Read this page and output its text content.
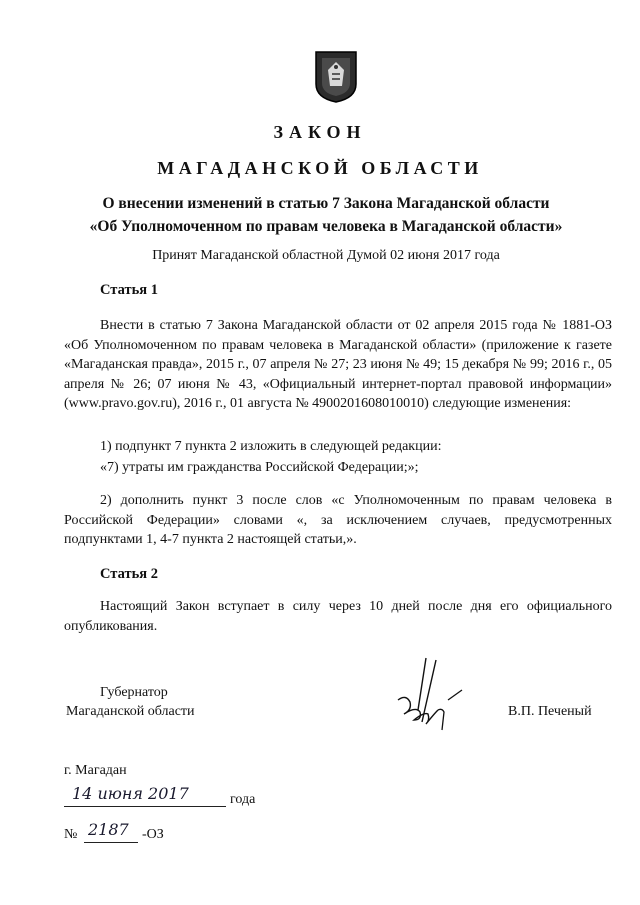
ЗАКОН
МАГАДАНСКОЙ ОБЛАСТИ
О внесении изменений в статью 7 Закона Магаданской области
«Об Уполномоченном по правам человека в Магаданской области»
Принят Магаданской областной Думой 02 июня 2017 года
Статья 1
Внести в статью 7 Закона Магаданской области от 02 апреля 2015 года № 1881-ОЗ «Об Уполномоченном по правам человека в Магаданской области» (приложение к газете «Магаданская правда», 2015 г., 07 апреля № 27; 23 июня № 49; 15 декабря № 99; 2016 г., 05 апреля № 26; 07 июня № 43, «Официальный интернет-портал правовой информации» (www.pravo.gov.ru), 2016 г., 01 августа № 4900201608010010) следующие изменения:
1) подпункт 7 пункта 2 изложить в следующей редакции:
«7) утраты им гражданства Российской Федерации;»;
2) дополнить пункт 3 после слов «с Уполномоченным по правам человека в Российской Федерации» словами «, за исключением случаев, предусмотренных подпунктами 1, 4-7 пункта 2 настоящей статьи,».
Статья 2
Настоящий Закон вступает в силу через 10 дней после дня его официального опубликования.
Губернатор
Магаданской области	В.П. Печеный
г. Магадан
14 июня 2017	года
№ 2187 -ОЗ
